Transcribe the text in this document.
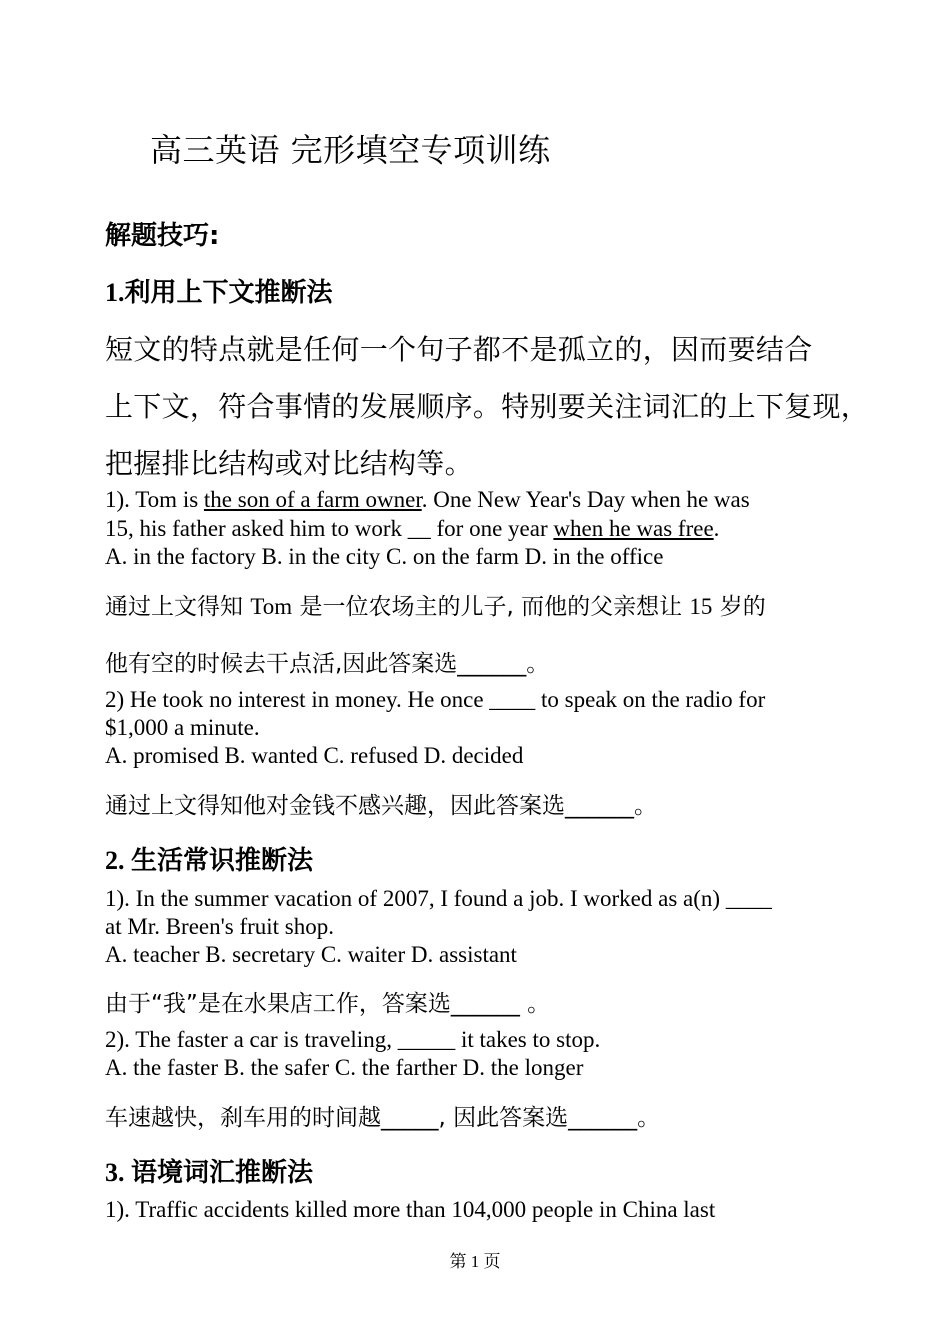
高三英语 完形填空专项训练
解题技巧:
1.利用上下文推断法
短文的特点就是任何一个句子都不是孤立的，因而要结合
上下文，符合事情的发展顺序。特别要关注词汇的上下复现，
把握排比结构或对比结构等。
1). Tom is the son of a farm owner. One New Year's Day when he was
15, his father asked him to work __ for one year when he was free.
A. in the factory B. in the city C. on the farm D. in the office
通过上文得知 Tom 是一位农场主的儿子, 而他的父亲想让 15 岁的
他有空的时候去干点活,因此答案选______。
2) He took no interest in money. He once ____ to speak on the radio for
$1,000 a minute.
A. promised B. wanted C. refused D. decided
通过上文得知他对金钱不感兴趣，因此答案选______。
2. 生活常识推断法
1). In the summer vacation of 2007, I found a job. I worked as a(n) ____
at Mr. Breen's fruit shop.
A. teacher B. secretary C. waiter D. assistant
由于“我”是在水果店工作，答案选______ 。
2). The faster a car is traveling, _____ it takes to stop.
A. the faster B. the safer C. the farther D. the longer
车速越快，刹车用的时间越_____, 因此答案选______。
3. 语境词汇推断法
1). Traffic accidents killed more than 104,000 people in China last
第 1 页
